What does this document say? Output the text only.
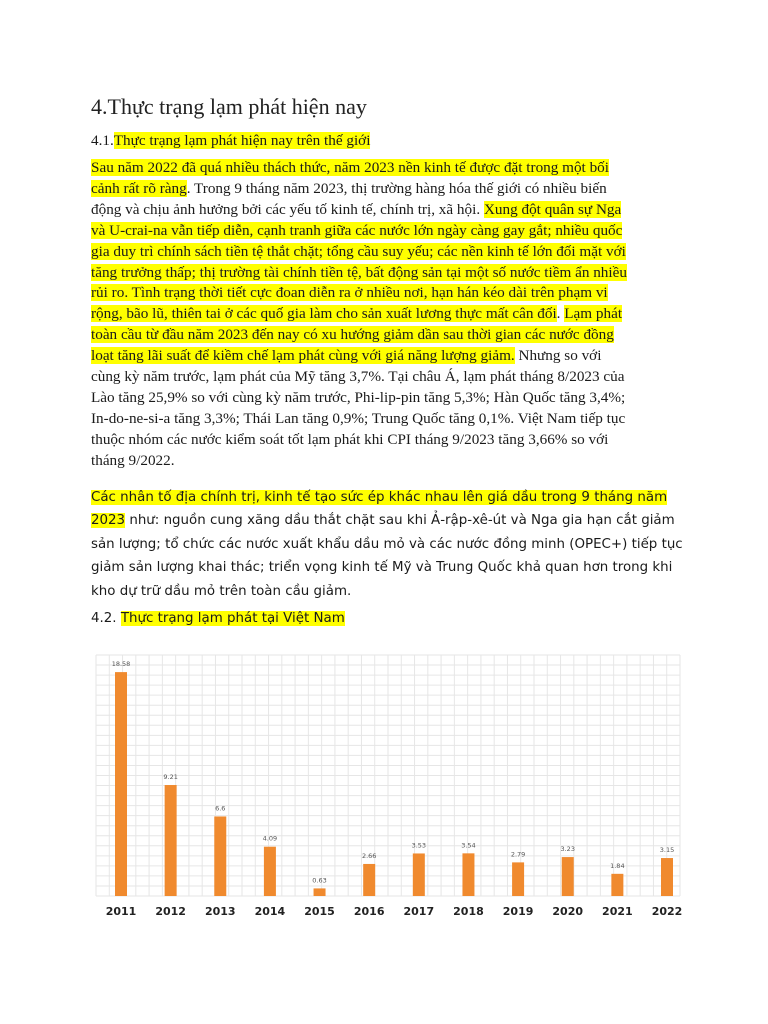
4.Thực trạng lạm phát hiện nay
4.1.Thực trạng lạm phát hiện nay trên thế giới
Sau năm 2022 đã quá nhiều thách thức, năm 2023 nền kinh tế được đặt trong một bối
cảnh rất rõ ràng. Trong 9 tháng năm 2023, thị trường hàng hóa thế giới có nhiều biến
động và chịu ảnh hưởng bởi các yếu tố kinh tế, chính trị, xã hội. Xung đột quân sự Nga
và U-crai-na vẫn tiếp diễn, cạnh tranh giữa các nước lớn ngày càng gay gắt; nhiều quốc
gia duy trì chính sách tiền tệ thắt chặt; tổng cầu suy yếu; các nền kinh tế lớn đối mặt với
tăng trưởng thấp; thị trường tài chính tiền tệ, bất động sản tại một số nước tiềm ẩn nhiều
rủi ro. Tình trạng thời tiết cực đoan diễn ra ở nhiều nơi, hạn hán kéo dài trên phạm vi
rộng, bão lũ, thiên tai ở các quố gia làm cho sản xuất lương thực mất cân đối. Lạm phát
toàn cầu từ đầu năm 2023 đến nay có xu hướng giảm dần sau thời gian các nước đồng
loạt tăng lãi suất để kiềm chế lạm phát cùng với giá năng lượng giảm. Nhưng so với
cùng kỳ năm trước, lạm phát của Mỹ tăng 3,7%. Tại châu Á, lạm phát tháng 8/2023 của
Lào tăng 25,9% so với cùng kỳ năm trước, Phi-lip-pin tăng 5,3%; Hàn Quốc tăng 3,4%;
In-do-ne-si-a tăng 3,3%; Thái Lan tăng 0,9%; Trung Quốc tăng 0,1%. Việt Nam tiếp tục
thuộc nhóm các nước kiểm soát tốt lạm phát khi CPI tháng 9/2023 tăng 3,66% so với
tháng 9/2022.
Các nhân tố địa chính trị, kinh tế tạo sức ép khác nhau lên giá dầu trong 9 tháng năm
2023 như: nguồn cung xăng dầu thắt chặt sau khi Ả-rập-xê-út và Nga gia hạn cắt giảm
sản lượng; tổ chức các nước xuất khẩu dầu mỏ và các nước đồng minh (OPEC+) tiếp tục
giảm sản lượng khai thác; triển vọng kinh tế Mỹ và Trung Quốc khả quan hơn trong khi
kho dự trữ dầu mỏ trên toàn cầu giảm.
4.2. Thực trạng lạm phát tại Việt Nam
18.58
2011
9.21
2012
6.6
2013
4.09
2014
0.63
2015
2.66
2016
3.53
2017
3.54
2018
2.79
2019
3.23
2020
1.84
2021
3.15
2022
